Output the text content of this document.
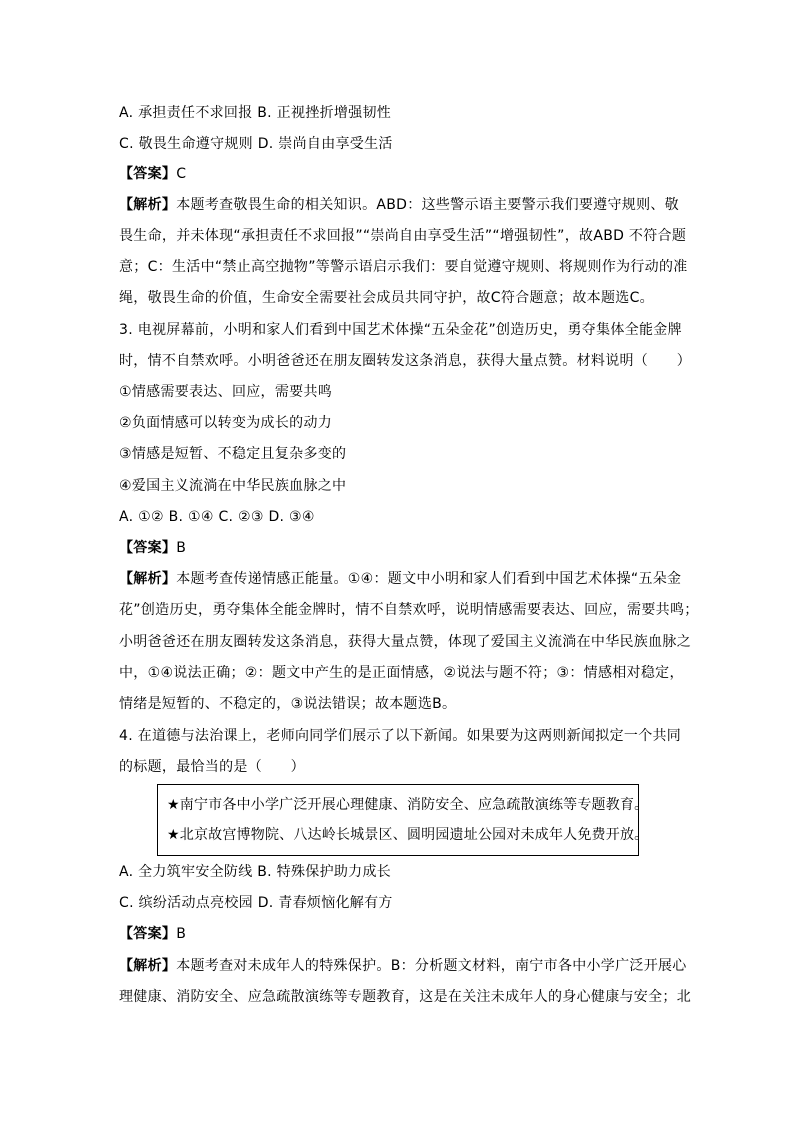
A. 承担责任不求回报 B. 正视挫折增强韧性
C. 敬畏生命遵守规则 D. 崇尚自由享受生活
【答案】C
【解析】本题考查敬畏生命的相关知识。ABD：这些警示语主要警示我们要遵守规则、敬
畏生命，并未体现“承担责任不求回报”“崇尚自由享受生活”“增强韧性”，故ABD 不符合题
意；C：生活中“禁止高空抛物”等警示语启示我们：要自觉遵守规则、将规则作为行动的准
绳，敬畏生命的价值，生命安全需要社会成员共同守护，故C符合题意；故本题选C。
3. 电视屏幕前，小明和家人们看到中国艺术体操“五朵金花”创造历史，勇夺集体全能金牌
时，情不自禁欢呼。小明爸爸还在朋友圈转发这条消息，获得大量点赞。材料说明（　　）
①情感需要表达、回应，需要共鸣
②负面情感可以转变为成长的动力
③情感是短暂、不稳定且复杂多变的
④爱国主义流淌在中华民族血脉之中
A. ①② B. ①④ C. ②③ D. ③④
【答案】B
【解析】本题考查传递情感正能量。①④：题文中小明和家人们看到中国艺术体操“五朵金
花”创造历史，勇夺集体全能金牌时，情不自禁欢呼，说明情感需要表达、回应，需要共鸣；
小明爸爸还在朋友圈转发这条消息，获得大量点赞，体现了爱国主义流淌在中华民族血脉之
中，①④说法正确；②：题文中产生的是正面情感，②说法与题不符；③：情感相对稳定，
情绪是短暂的、不稳定的，③说法错误；故本题选B。
4. 在道德与法治课上，老师向同学们展示了以下新闻。如果要为这两则新闻拟定一个共同
的标题，最恰当的是（　　）
★南宁市各中小学广泛开展心理健康、消防安全、应急疏散演练等专题教育。
★北京故宫博物院、八达岭长城景区、圆明园遗址公园对未成年人免费开放。
A. 全力筑牢安全防线 B. 特殊保护助力成长
C. 缤纷活动点亮校园 D. 青春烦恼化解有方
【答案】B
【解析】本题考查对未成年人的特殊保护。B：分析题文材料，南宁市各中小学广泛开展心
理健康、消防安全、应急疏散演练等专题教育，这是在关注未成年人的身心健康与安全；北
